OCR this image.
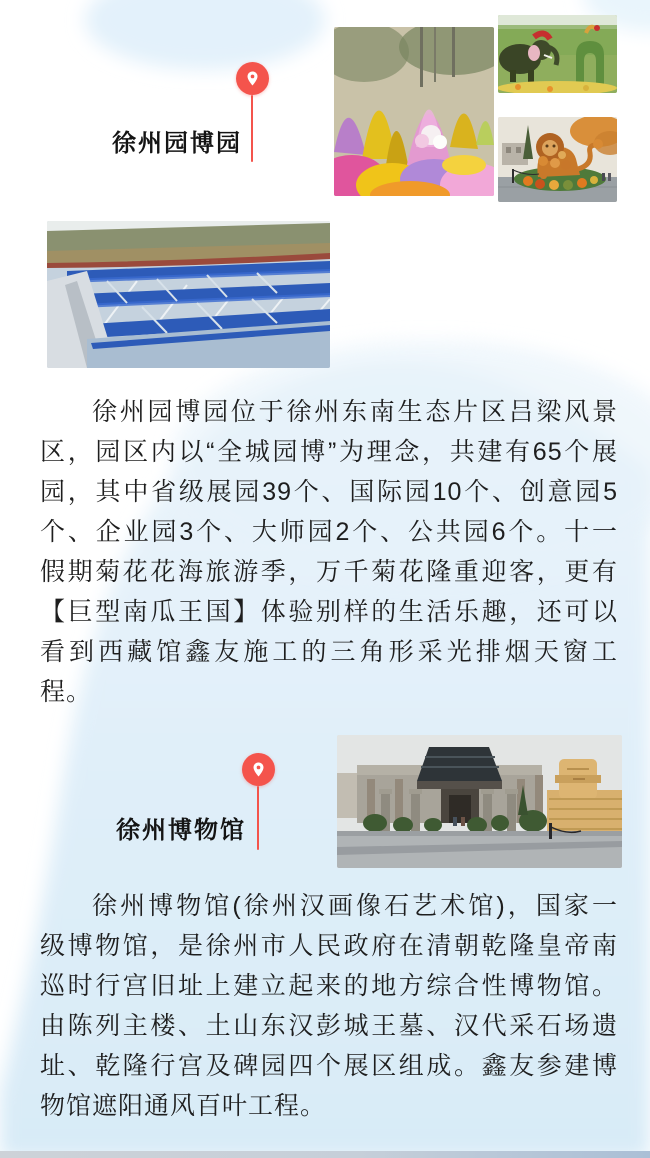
徐州园博园
徐州园博园位于徐州东南生态片区吕梁风景
区，园区内以“全城园博”为理念，共建有65个展
园，其中省级展园39个、国际园10个、创意园5
个、企业园3个、大师园2个、公共园6个。十一
假期菊花花海旅游季，万千菊花隆重迎客，更有
【巨型南瓜王国】体验别样的生活乐趣，还可以
看到西藏馆鑫友施工的三角形采光排烟天窗工
程。
徐州博物馆
徐州博物馆(徐州汉画像石艺术馆)，国家一
级博物馆，是徐州市人民政府在清朝乾隆皇帝南
巡时行宫旧址上建立起来的地方综合性博物馆。
由陈列主楼、土山东汉彭城王墓、汉代采石场遗
址、乾隆行宫及碑园四个展区组成。鑫友参建博
物馆遮阳通风百叶工程。
